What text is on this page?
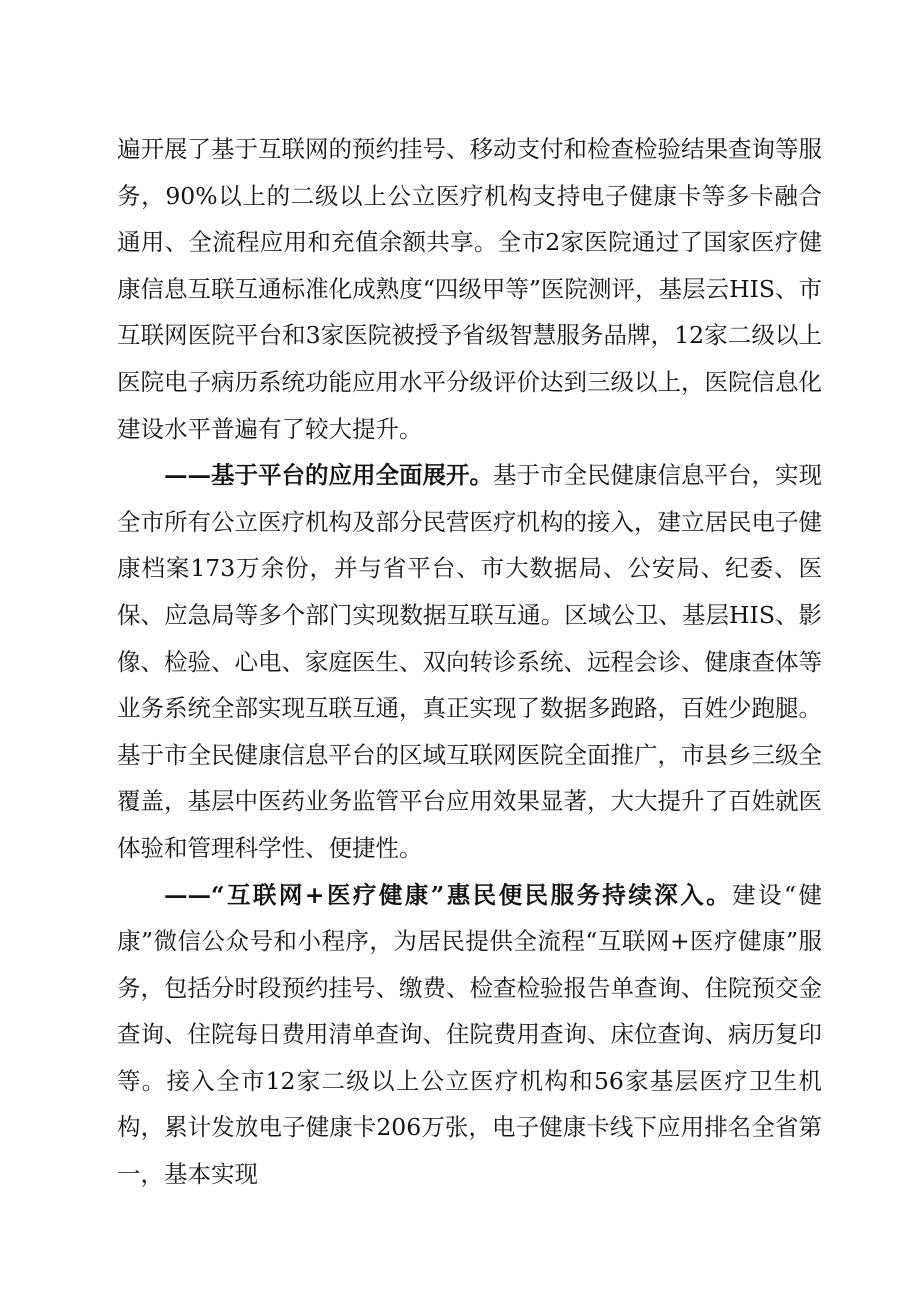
遍开展了基于互联网的预约挂号、移动支付和检查检验结果查询等服务，90%以上的二级以上公立医疗机构支持电子健康卡等多卡融合通用、全流程应用和充值余额共享。全市2家医院通过了国家医疗健康信息互联互通标准化成熟度“四级甲等”医院测评，基层云HIS、市互联网医院平台和3家医院被授予省级智慧服务品牌，12家二级以上医院电子病历系统功能应用水平分级评价达到三级以上，医院信息化建设水平普遍有了较大提升。

——基于平台的应用全面展开。基于市全民健康信息平台，实现全市所有公立医疗机构及部分民营医疗机构的接入，建立居民电子健康档案173万余份，并与省平台、市大数据局、公安局、纪委、医保、应急局等多个部门实现数据互联互通。区域公卫、基层HIS、影像、检验、心电、家庭医生、双向转诊系统、远程会诊、健康查体等业务系统全部实现互联互通，真正实现了数据多跑路，百姓少跑腿。基于市全民健康信息平台的区域互联网医院全面推广，市县乡三级全覆盖，基层中医药业务监管平台应用效果显著，大大提升了百姓就医体验和管理科学性、便捷性。

——“互联网+医疗健康”惠民便民服务持续深入。建设“健康”微信公众号和小程序，为居民提供全流程“互联网+医疗健康”服务，包括分时段预约挂号、缴费、检查检验报告单查询、住院预交金查询、住院每日费用清单查询、住院费用查询、床位查询、病历复印等。接入全市12家二级以上公立医疗机构和56家基层医疗卫生机构，累计发放电子健康卡206万张，电子健康卡线下应用排名全省第一，基本实现
